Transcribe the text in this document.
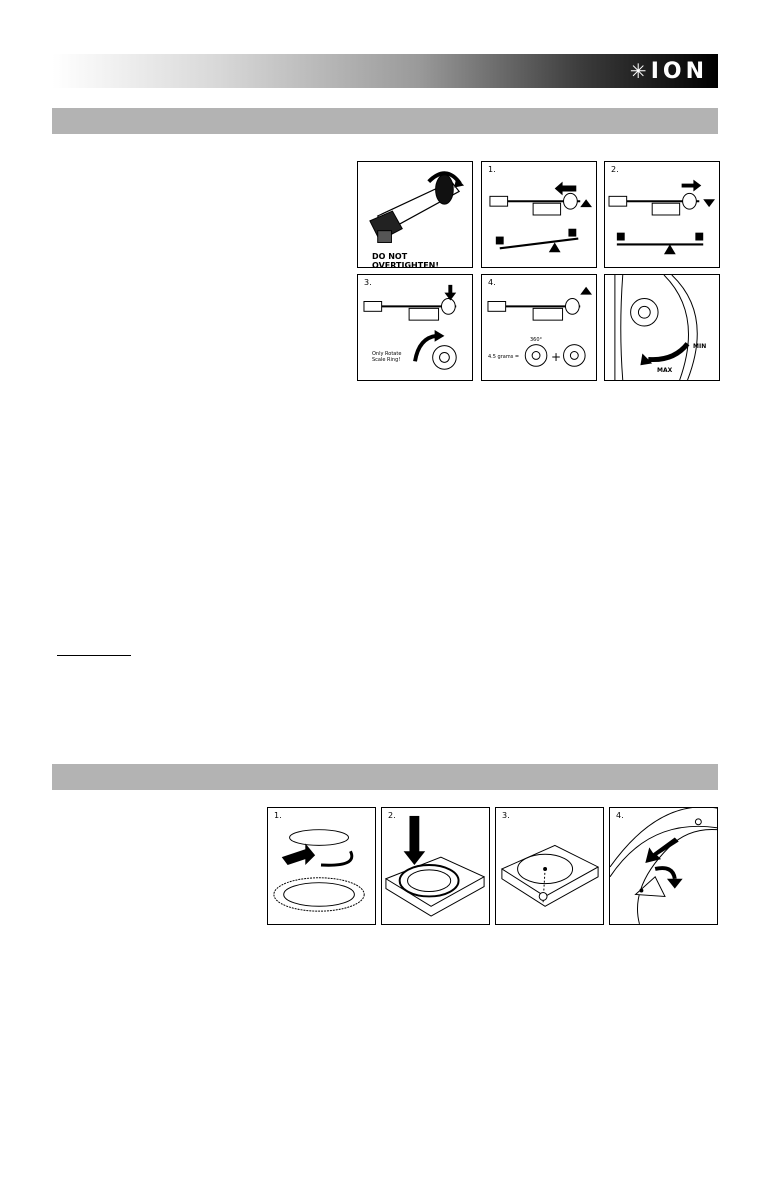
✳ION
DO NOT OVERTIGHTEN!
1.	2.
3.
Only Rotate Scale Ring!
4.
4.5 grams =
360°
+
MIN
MAX
1.	2.	3.	4.
